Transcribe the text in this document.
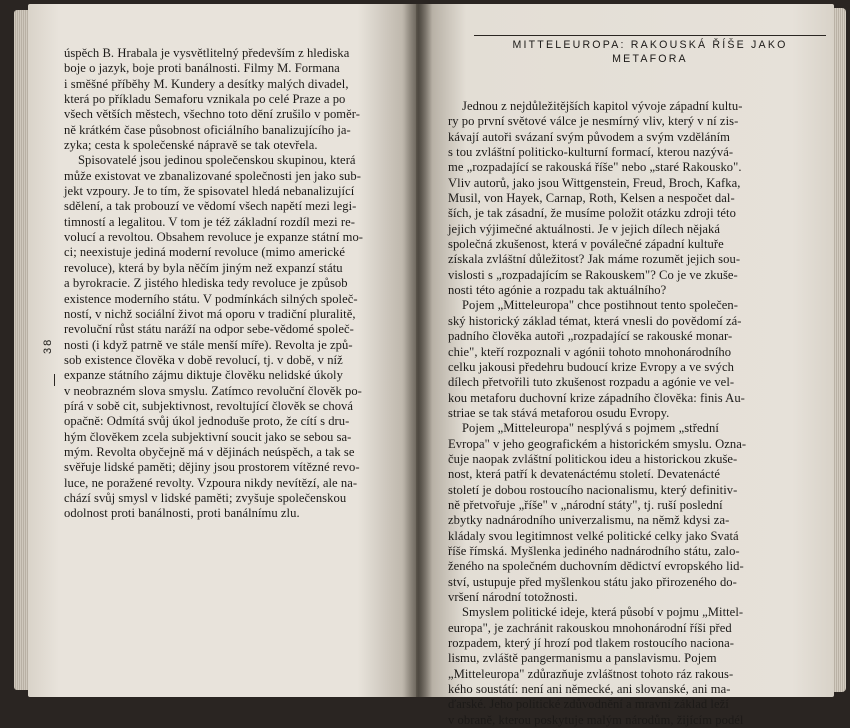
úspěch B. Hrabala je vysvětlitelný především z hlediska
boje o jazyk, boje proti banálnosti. Filmy M. Formana
i směšné příběhy M. Kundery a desítky malých divadel,
která po příkladu Semaforu vznikala po celé Praze a po
všech větších městech, všechno toto dění zrušilo v poměr-
ně krátkém čase působnost oficiálního banalizujícího ja-
zyka; cesta k společenské nápravě se tak otevřela.
Spisovatelé jsou jedinou společenskou skupinou, která
může existovat ve zbanalizované společnosti jen jako sub-
jekt vzpoury. Je to tím, že spisovatel hledá nebanalizující
sdělení, a tak probouzí ve vědomí všech napětí mezi legi-
timností a legalitou. V tom je též základní rozdíl mezi re-
volucí a revoltou. Obsahem revoluce je expanze státní mo-
ci; neexistuje jediná moderní revoluce (mimo americké
revoluce), která by byla něčím jiným než expanzí státu
a byrokracie. Z jistého hlediska tedy revoluce je způsob
existence moderního státu. V podmínkách silných společ-
ností, v nichž sociální život má oporu v tradiční pluralitě,
revoluční růst státu naráží na odpor sebe-vědomé společ-
nosti (i když patrně ve stále menší míře). Revolta je způ-
sob existence člověka v době revolucí, tj. v době, v níž
expanze státního zájmu diktuje člověku nelidské úkoly
v neobrazném slova smyslu. Zatímco revoluční člověk po-
pírá v sobě cit, subjektivnost, revoltující člověk se chová
opačně: Odmítá svůj úkol jednoduše proto, že cítí s dru-
hým člověkem zcela subjektivní soucit jako se sebou sa-
mým. Revolta obyčejně má v dějinách neúspěch, a tak se
svěřuje lidské paměti; dějiny jsou prostorem vítězné revo-
luce, ne poražené revolty. Vzpoura nikdy nevítězí, ale na-
chází svůj smysl v lidské paměti; zvyšuje společenskou
odolnost proti banálnosti, proti banálnímu zlu.
38
MITTELEUROPA: RAKOUSKÁ ŘÍŠE JAKO
METAFORA
Jednou z nejdůležitějších kapitol vývoje západní kultu-
ry po první světové válce je nesmírný vliv, který v ní zis-
kávají autoři svázaní svým původem a svým vzděláním
s tou zvláštní politicko-kulturní formací, kterou nazývá-
me „rozpadající se rakouská říše" nebo „staré Rakousko".
Vliv autorů, jako jsou Wittgenstein, Freud, Broch, Kafka,
Musil, von Hayek, Carnap, Roth, Kelsen a nespočet dal-
ších, je tak zásadní, že musíme položit otázku zdroji této
jejich výjimečné aktuálnosti. Je v jejich dílech nějaká
společná zkušenost, která v poválečné západní kultuře
získala zvláštní důležitost? Jak máme rozumět jejich sou-
vislosti s „rozpadajícím se Rakouskem"? Co je ve zkuše-
nosti této agónie a rozpadu tak aktuálního?
Pojem „Mitteleuropa" chce postihnout tento společen-
ský historický základ témat, která vnesli do povědomí zá-
padního člověka autoři „rozpadající se rakouské monar-
chie", kteří rozpoznali v agónii tohoto mnohonárodního
celku jakousi předehru budoucí krize Evropy a ve svých
dílech přetvořili tuto zkušenost rozpadu a agónie ve vel-
kou metaforu duchovní krize západního člověka: finis Au-
striae se tak stává metaforou osudu Evropy.
Pojem „Mitteleuropa" nesplývá s pojmem „střední
Evropa" v jeho geografickém a historickém smyslu. Ozna-
čuje naopak zvláštní politickou ideu a historickou zkuše-
nost, která patří k devatenáctému století. Devatenácté
století je dobou rostoucího nacionalismu, který definitiv-
ně přetvořuje „říše" v „národní státy", tj. ruší poslední
zbytky nadnárodního univerzalismu, na němž kdysi za-
kládaly svou legitimnost velké politické celky jako Svatá
říše římská. Myšlenka jediného nadnárodního státu, zalo-
ženého na společném duchovním dědictví evropského lid-
ství, ustupuje před myšlenkou státu jako přirozeného do-
vršení národní totožnosti.
Smyslem politické ideje, která působí v pojmu „Mittel-
europa", je zachránit rakouskou mnohonárodní říši před
rozpadem, který jí hrozí pod tlakem rostoucího naciona-
lismu, zvláště pangermanismu a panslavismu. Pojem
„Mitteleuropa" zdůrazňuje zvláštnost tohoto ráz rakous-
kého soustátí: není ani německé, ani slovanské, ani ma-
ďarské. Jeho politické zdůvodnění a mravní základ leží
v obraně, kterou poskytuje malým národům, žijícím podél
